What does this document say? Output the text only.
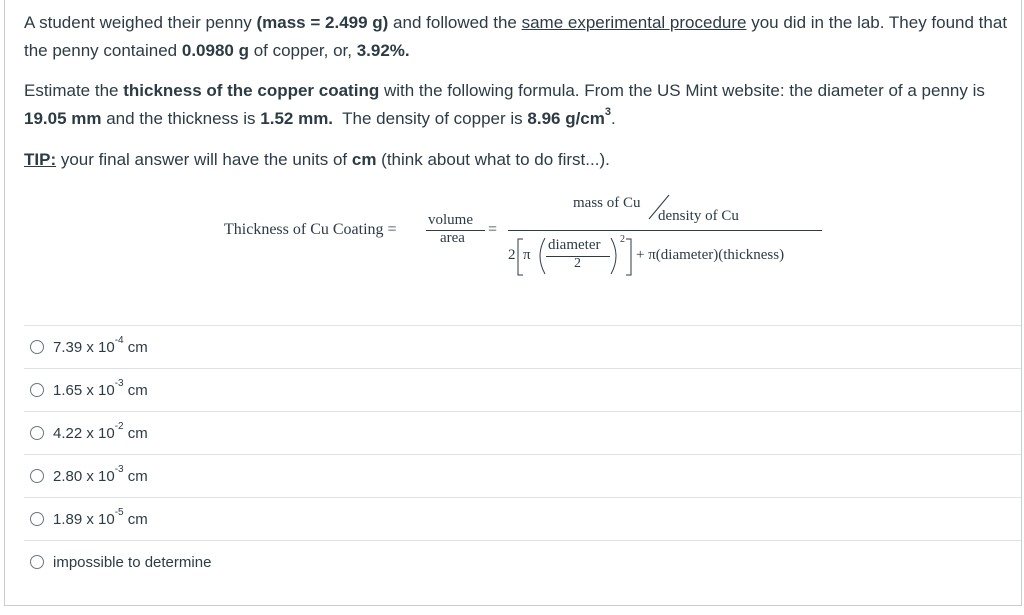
A student weighed their penny (mass = 2.499 g) and followed the same experimental procedure you did in the lab. They found that the penny contained 0.0980 g of copper, or, 3.92%.

Estimate the thickness of the copper coating with the following formula. From the US Mint website: the diameter of a penny is 19.05 mm and the thickness is 1.52 mm.  The density of copper is 8.96 $g/cm^3$.

TIP: your final answer will have the units of cm (think about what to do first...).

Thickness of Cu Coating =
volume
area =
mass of Cu
density of Cu
2 π
diameter
2
2
+ π(diameter)(thickness)
7.39 x $10^{-4}$ cm
1.65 x $10^{-3}$ cm
4.22 x $10^{-2}$ cm
2.80 x $10^{-3}$ cm
1.89 x $10^{-5}$ cm
impossible to determine
